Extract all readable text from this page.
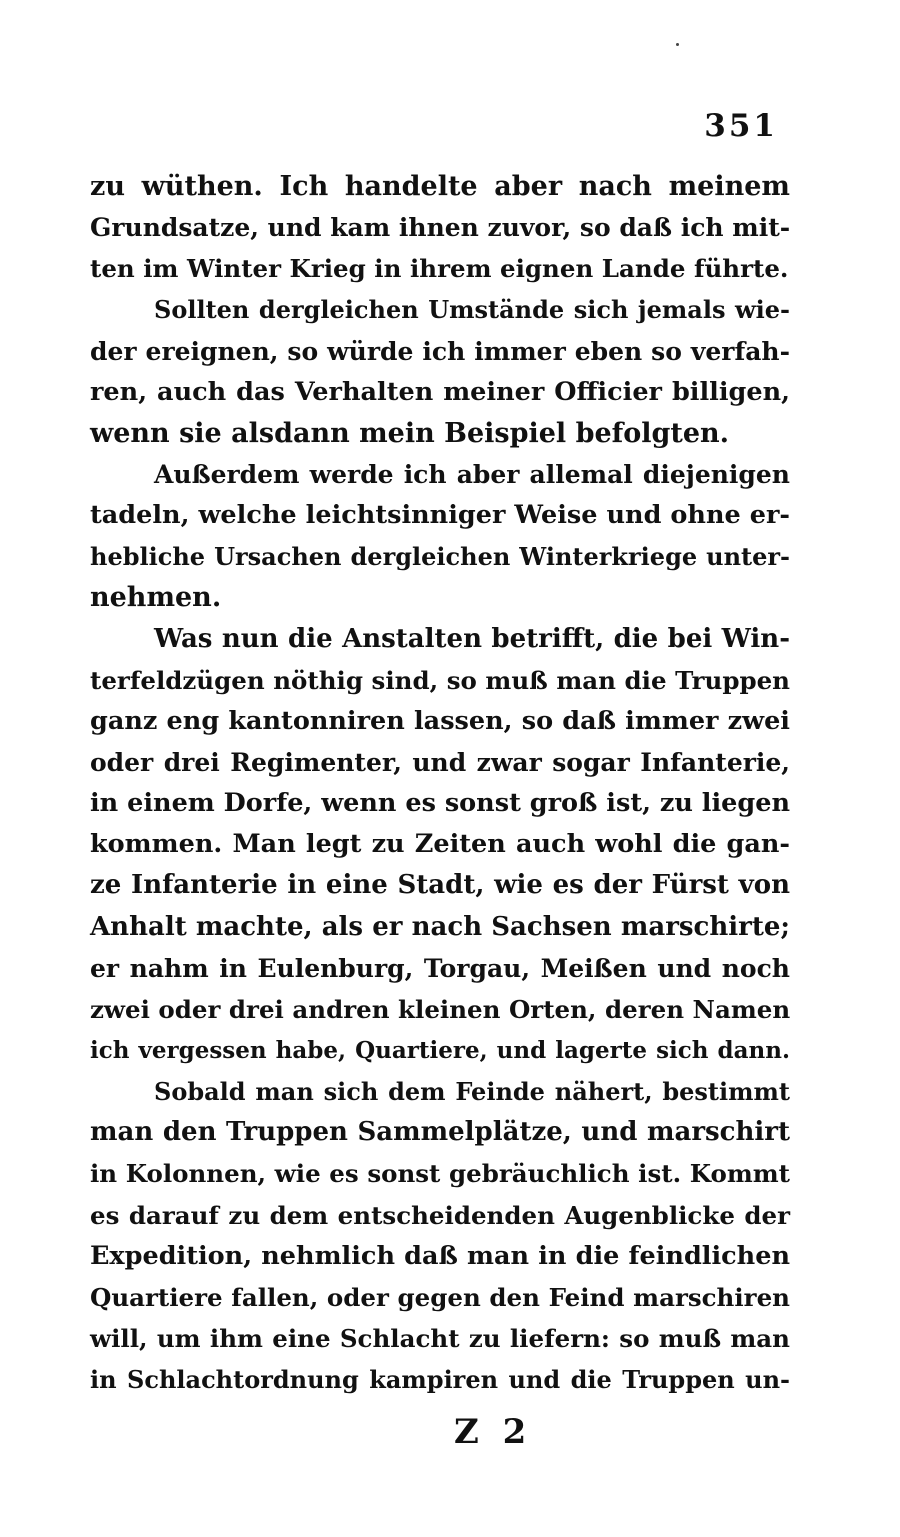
351
zu wüthen. Ich handelte aber nach meinem
Grundsatze, und kam ihnen zuvor, so daß ich mit-
ten im Winter Krieg in ihrem eignen Lande führte.
Sollten dergleichen Umstände sich jemals wie-
der ereignen, so würde ich immer eben so verfah-
ren, auch das Verhalten meiner Officier billigen,
wenn sie alsdann mein Beispiel befolgten.
Außerdem werde ich aber allemal diejenigen
tadeln, welche leichtsinniger Weise und ohne er-
hebliche Ursachen dergleichen Winterkriege unter-
nehmen.
Was nun die Anstalten betrifft, die bei Win-
terfeldzügen nöthig sind, so muß man die Truppen
ganz eng kantonniren lassen, so daß immer zwei
oder drei Regimenter, und zwar sogar Infanterie,
in einem Dorfe, wenn es sonst groß ist, zu liegen
kommen. Man legt zu Zeiten auch wohl die gan-
ze Infanterie in eine Stadt, wie es der Fürst von
Anhalt machte, als er nach Sachsen marschirte;
er nahm in Eulenburg, Torgau, Meißen und noch
zwei oder drei andren kleinen Orten, deren Namen
ich vergessen habe, Quartiere, und lagerte sich dann.
Sobald man sich dem Feinde nähert, bestimmt
man den Truppen Sammelplätze, und marschirt
in Kolonnen, wie es sonst gebräuchlich ist. Kommt
es darauf zu dem entscheidenden Augenblicke der
Expedition, nehmlich daß man in die feindlichen
Quartiere fallen, oder gegen den Feind marschiren
will, um ihm eine Schlacht zu liefern: so muß man
in Schlachtordnung kampiren und die Truppen un-
Z 2
